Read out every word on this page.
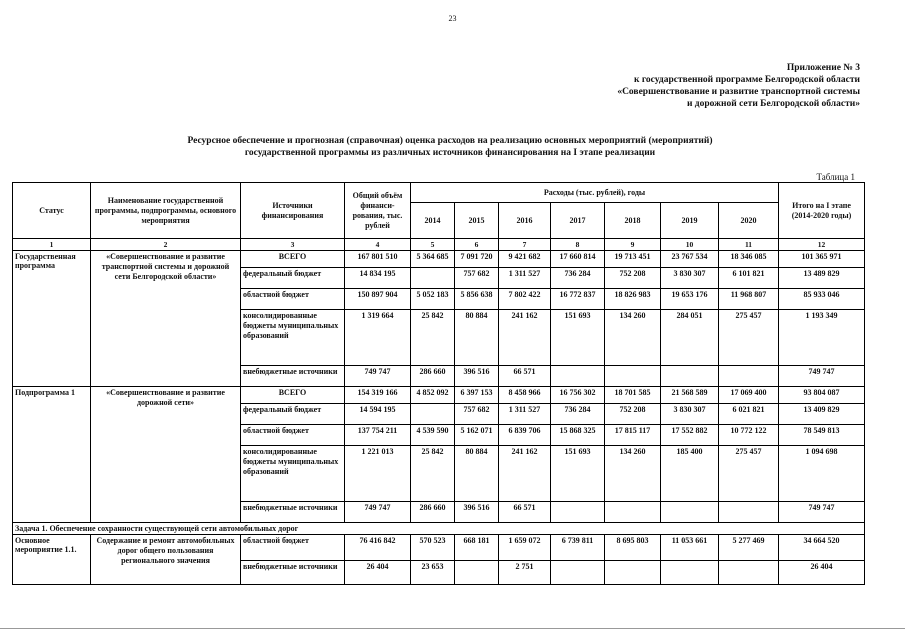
23
Приложение № 3
к государственной программе Белгородской области
«Совершенствование и развитие транспортной системы
и дорожной сети Белгородской области»
Ресурсное обеспечение и прогнозная (справочная) оценка расходов на реализацию основных мероприятий (мероприятий)
государственной программы из различных источников финансирования на I этапе реализации
Таблица 1
Статус	Наименование государственной программы, подпрограммы, основного мероприятия	Источники финансирования	Общий объём финанси-рования, тыс. рублей	Расходы (тыс. рублей), годы							Итого на I этапе (2014-2020 годы)
				2014	2015	2016	2017	2018	2019	2020	
1	2	3	4	5	6	7	8	9	10	11	12
Государственная программа	«Совершенствование и развитие транспортной системы и дорожной сети Белгородской области»	ВСЕГО	167 801 510	5 364 685	7 091 720	9 421 682	17 660 814	19 713 451	23 767 534	18 346 085	101 365 971
		федеральный бюджет	14 834 195		757 682	1 311 527	736 284	752 208	3 830 307	6 101 821	13 489 829
		областной бюджет	150 897 904	5 052 183	5 856 638	7 802 422	16 772 837	18 826 983	19 653 176	11 968 807	85 933 046
		консолидированные бюджеты муниципальных образований	1 319 664	25 842	80 884	241 162	151 693	134 260	284 051	275 457	1 193 349
		внебюджетные источники	749 747	286 660	396 516	66 571					749 747
Подпрограмма 1	«Совершенствование и развитие дорожной сети»	ВСЕГО	154 319 166	4 852 092	6 397 153	8 458 966	16 756 302	18 701 585	21 568 589	17 069 400	93 804 087
		федеральный бюджет	14 594 195		757 682	1 311 527	736 284	752 208	3 830 307	6 021 821	13 409 829
		областной бюджет	137 754 211	4 539 590	5 162 071	6 839 706	15 868 325	17 815 117	17 552 882	10 772 122	78 549 813
		консолидированные бюджеты муниципальных образований	1 221 013	25 842	80 884	241 162	151 693	134 260	185 400	275 457	1 094 698
		внебюджетные источники	749 747	286 660	396 516	66 571					749 747
Задача 1. Обеспечение сохранности существующей сети автомобильных дорог											
Основное мероприятие 1.1.	Содержание и ремонт автомобильных дорог общего пользования регионального значения	областной бюджет	76 416 842	570 523	668 181	1 659 072	6 739 811	8 695 803	11 053 661	5 277 469	34 664 520
		внебюджетные источники	26 404	23 653		2 751					26 404
